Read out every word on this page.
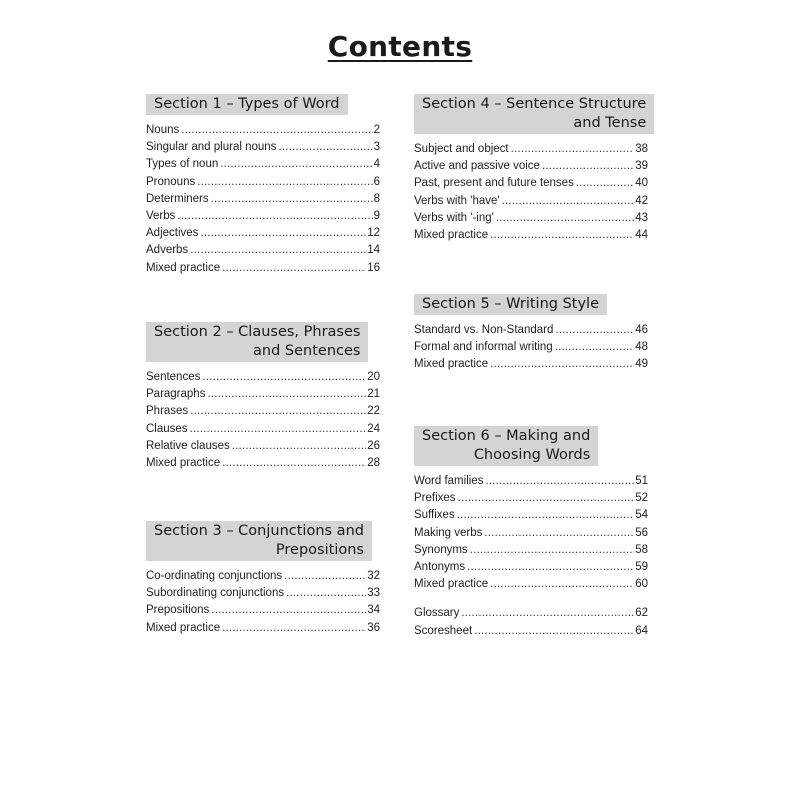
Contents
Section 1 – Types of Word
Nouns .....	2
Singular and plural nouns .....	3
Types of noun .....	4
Pronouns .....	6
Determiners .....	8
Verbs .....	9
Adjectives .....	12
Adverbs .....	14
Mixed practice .....	16
Section 2 – Clauses, Phrases
and Sentences
Sentences .....	20
Paragraphs .....	21
Phrases .....	22
Clauses .....	24
Relative clauses .....	26
Mixed practice .....	28
Section 3 – Conjunctions and
Prepositions
Co-ordinating conjunctions .....	32
Subordinating conjunctions .....	33
Prepositions .....	34
Mixed practice .....	36
Section 4 – Sentence Structure
and Tense
Subject and object .....	38
Active and passive voice .....	39
Past, present and future tenses .....	40
Verbs with 'have' .....	42
Verbs with '-ing' .....	43
Mixed practice .....	44
Section 5 – Writing Style
Standard vs. Non-Standard .....	46
Formal and informal writing .....	48
Mixed practice .....	49
Section 6 – Making and
Choosing Words
Word families .....	51
Prefixes .....	52
Suffixes .....	54
Making verbs .....	56
Synonyms .....	58
Antonyms .....	59
Mixed practice .....	60
Glossary .....	62
Scoresheet .....	64
